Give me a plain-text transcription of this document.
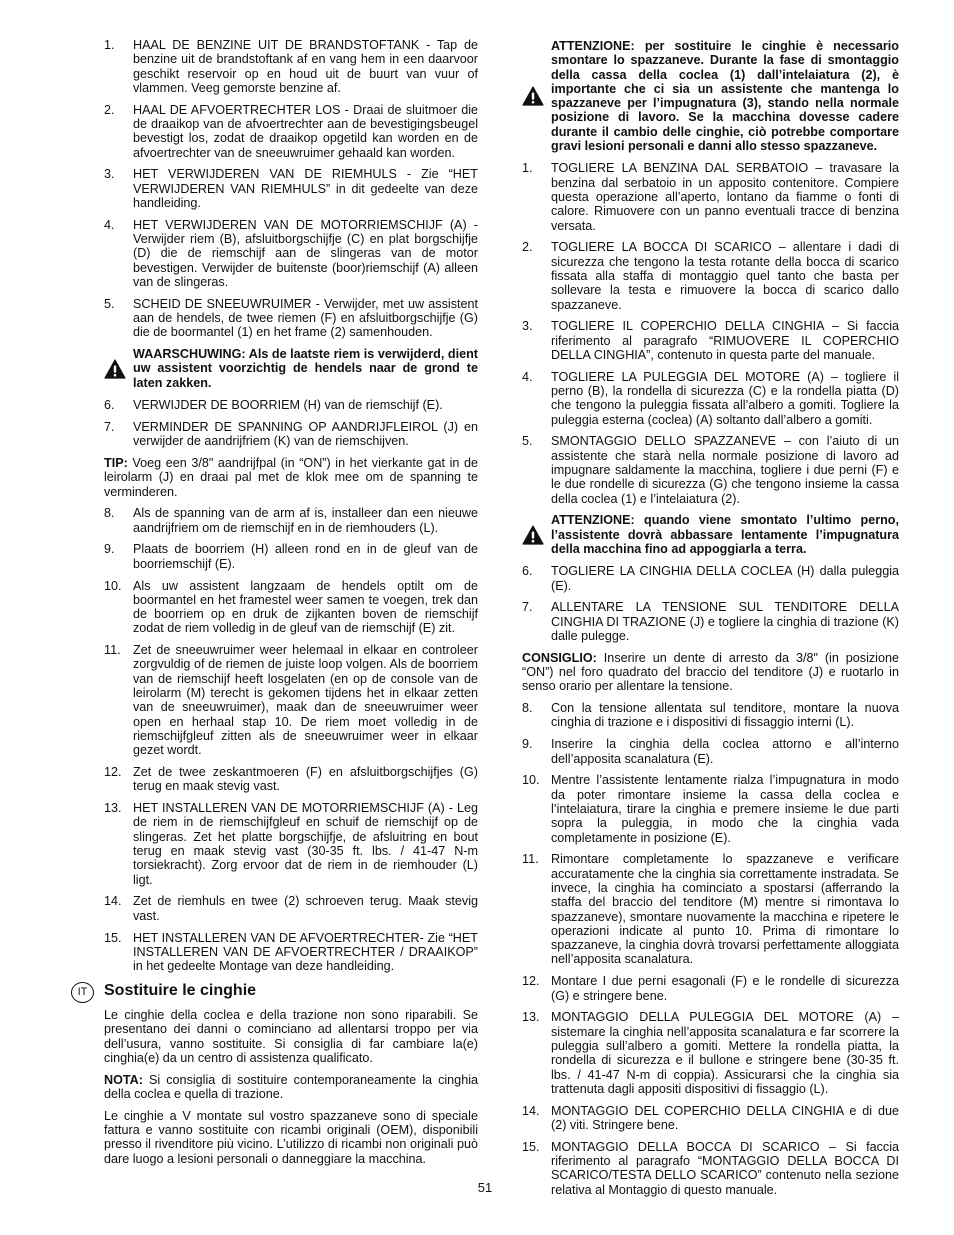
1. HAAL DE BENZINE UIT DE BRANDSTOFTANK - Tap de benzine uit de brandstoftank af en vang hem in een daarvoor geschikt reservoir op en houd uit de buurt van vuur of vlammen. Veeg gemorste benzine af.
2. HAAL DE AFVOERTRECHTER LOS - Draai de sluitmoer die de draaikop van de afvoertrechter aan de bevestigingsbeugel bevestigt los, zodat de draaikop opgetild kan worden en de afvoertrechter van de sneeuwruimer gehaald kan worden.
3. HET VERWIJDEREN VAN DE RIEMHULS - Zie “HET VERWIJDEREN VAN RIEMHULS” in dit gedeelte van deze handleiding.
4. HET VERWIJDEREN VAN DE MOTORRIEMSCHIJF (A) - Verwijder riem (B), afsluitborgschijfje (C) en plat borgschijfje (D) die de riemschijf aan de slingeras van de motor bevestigen. Verwijder de buitenste (boor)riemschijf (A) alleen van de slingeras.
5. SCHEID DE SNEEUWRUIMER - Verwijder, met uw assistent aan de hendels, de twee riemen (F) en afsluitborgschijfje (G) die de boormantel (1) en het frame (2) samenhouden.
WAARSCHUWING: Als de laatste riem is verwijderd, dient uw assistent voorzichtig de hendels naar de grond te laten zakken.
6. VERWIJDER DE BOORRIEM (H) van de riemschijf (E).
7. VERMINDER DE SPANNING OP AANDRIJFLEIROL (J) en verwijder de aandrijfriem (K) van de riemschijven.

TIP: Voeg een 3/8" aandrijfpal (in “ON”) in het vierkante gat in de leirolarm (J) en draai pal met de klok mee om de spanning te verminderen.

8. Als de spanning van de arm af is, installeer dan een nieuwe aandrijfriem om de riemschijf en in de riemhouders (L).
9. Plaats de boorriem (H) alleen rond en in de gleuf van de boorriemschijf (E).
10. Als uw assistent langzaam de hendels optilt om de boormantel en het framestel weer samen te voegen, trek dan de boorriem op en druk de zijkanten boven de riemschijf zodat de riem volledig in de gleuf van de riemschijf (E) zit.
11. Zet de sneeuwruimer weer helemaal in elkaar en controleer zorgvuldig of de riemen de juiste loop volgen. Als de boorriem van de riemschijf heeft losgelaten (en op de console van de leirolarm (M) terecht is gekomen tijdens het in elkaar zetten van de sneeuwruimer), maak dan de sneeuwruimer weer open en herhaal stap 10. De riem moet volledig in de riemschijfgleuf zitten als de sneeuwruimer weer in elkaar gezet wordt.
12. Zet de twee zeskantmoeren (F) en afsluitborgschijfjes (G) terug en maak stevig vast.
13. HET INSTALLEREN VAN DE MOTORRIEMSCHIJF (A) - Leg de riem in de riemschijfgleuf en schuif de riemschijf op de slingeras. Zet het platte borgschijfje, de afsluitring en bout terug en maak stevig vast (30-35 ft. lbs. / 41-47 N-m torsiekracht). Zorg ervoor dat de riem in de riemhouder (L) ligt.
14. Zet de riemhuls en twee (2) schroeven terug. Maak stevig vast.
15. HET INSTALLEREN VAN DE AFVOERTRECHTER- Zie “HET INSTALLEREN VAN DE AFVOERTRECHTER / DRAAIKOP” in het gedeelte Montage van deze handleiding.
IT	Sostituire le cinghie

Le cinghie della coclea e della trazione non sono riparabili. Se presentano dei danni o cominciano ad allentarsi troppo per via dell’usura, vanno sostituite. Si consiglia di far cambiare la(e) cinghia(e) da un centro di assistenza qualificato.

NOTA: Si consiglia di sostituire contemporaneamente la cinghia della coclea e quella di trazione.

Le cinghie a V montate sul vostro spazzaneve sono di speciale fattura e vanno sostituite con ricambi originali (OEM), disponibili presso il rivenditore più vicino. L’utilizzo di ricambi non originali può dare luogo a lesioni personali o danneggiare la macchina.

ATTENZIONE: per sostituire le cinghie è necessario smontare lo spazzaneve. Durante la fase di smontaggio della cassa della coclea (1) dall’intelaiatura (2), è importante che ci sia un assistente che mantenga lo spazzaneve per l’impugnatura (3), stando nella normale posizione di lavoro. Se la macchina dovesse cadere durante il cambio delle cinghie, ciò potrebbe comportare gravi lesioni personali e danni allo stesso spazzaneve.
1. TOGLIERE LA BENZINA DAL SERBATOIO – travasare la benzina dal serbatoio in un apposito contenitore. Compiere questa operazione all’aperto, lontano da fiamme o fonti di calore. Rimuovere con un panno eventuali tracce di benzina versata.
2. TOGLIERE LA BOCCA DI SCARICO – allentare i dadi di sicurezza che tengono la testa rotante della bocca di scarico fissata alla staffa di montaggio quel tanto che basta per sollevare la testa e rimuovere la bocca di scarico dallo spazzaneve.
3. TOGLIERE IL COPERCHIO DELLA CINGHIA – Si faccia riferimento al paragrafo “RIMUOVERE IL COPERCHIO DELLA CINGHIA”, contenuto in questa parte del manuale.
4. TOGLIERE LA PULEGGIA DEL MOTORE (A) – togliere il perno (B), la rondella di sicurezza (C) e la rondella piatta (D) che tengono la puleggia fissata all’albero a gomiti. Togliere la puleggia esterna (coclea) (A) soltanto dall’albero a gomiti.
5. SMONTAGGIO DELLO SPAZZANEVE – con l’aiuto di un assistente che starà nella normale posizione di lavoro ad impugnare saldamente la macchina, togliere i due perni (F) e le due rondelle di sicurezza (G) che tengono insieme la cassa della coclea (1) e l’intelaiatura (2).
ATTENZIONE: quando viene smontato l’ultimo perno, l’assistente dovrà abbassare lentamente l’impugnatura della macchina fino ad appoggiarla a terra.
6. TOGLIERE LA CINGHIA DELLA COCLEA (H) dalla puleggia (E).
7. ALLENTARE LA TENSIONE SUL TENDITORE DELLA CINGHIA DI TRAZIONE (J) e togliere la cinghia di trazione (K) dalle pulegge.

CONSIGLIO: Inserire un dente di arresto da 3/8" (in posizione “ON”) nel foro quadrato del braccio del tenditore (J) e ruotarlo in senso orario per allentare la tensione.

8. Con la tensione allentata sul tenditore, montare la nuova cinghia di trazione e i dispositivi di fissaggio interni (L).
9. Inserire la cinghia della coclea attorno e all’interno dell’apposita scanalatura (E).
10. Mentre l’assistente lentamente rialza l’impugnatura in modo da poter rimontare insieme la cassa della coclea e l’intelaiatura, tirare la cinghia e premere insieme le due parti sopra la puleggia, in modo che la cinghia vada completamente in posizione (E).
11. Rimontare completamente lo spazzaneve e verificare accuratamente che la cinghia sia correttamente instradata. Se invece, la cinghia ha cominciato a spostarsi (afferrando la staffa del braccio del tenditore (M) mentre si rimontava lo spazzaneve), smontare nuovamente la macchina e ripetere le operazioni indicate al punto 10. Prima di rimontare lo spazzaneve, la cinghia dovrà trovarsi perfettamente alloggiata nell’apposita scanalatura.
12. Montare I due perni esagonali (F) e le rondelle di sicurezza (G) e stringere bene.
13. MONTAGGIO DELLA PULEGGIA DEL MOTORE (A) – sistemare la cinghia nell’apposita scanalatura e far scorrere la puleggia sull’albero a gomiti. Mettere la rondella piatta, la rondella di sicurezza e il bullone e stringere bene (30-35 ft. lbs. / 41-47 N-m di coppia). Assicurarsi che la cinghia sia trattenuta dagli appositi dispositivi di fissaggio (L).
14. MONTAGGIO DEL COPERCHIO DELLA CINGHIA e di due (2) viti. Stringere bene.
15. MONTAGGIO DELLA BOCCA DI SCARICO – Si faccia riferimento al paragrafo “MONTAGGIO DELLA BOCCA DI SCARICO/TESTA DELLO SCARICO” contenuto nella sezione relativa al Montaggio di questo manuale.
51
